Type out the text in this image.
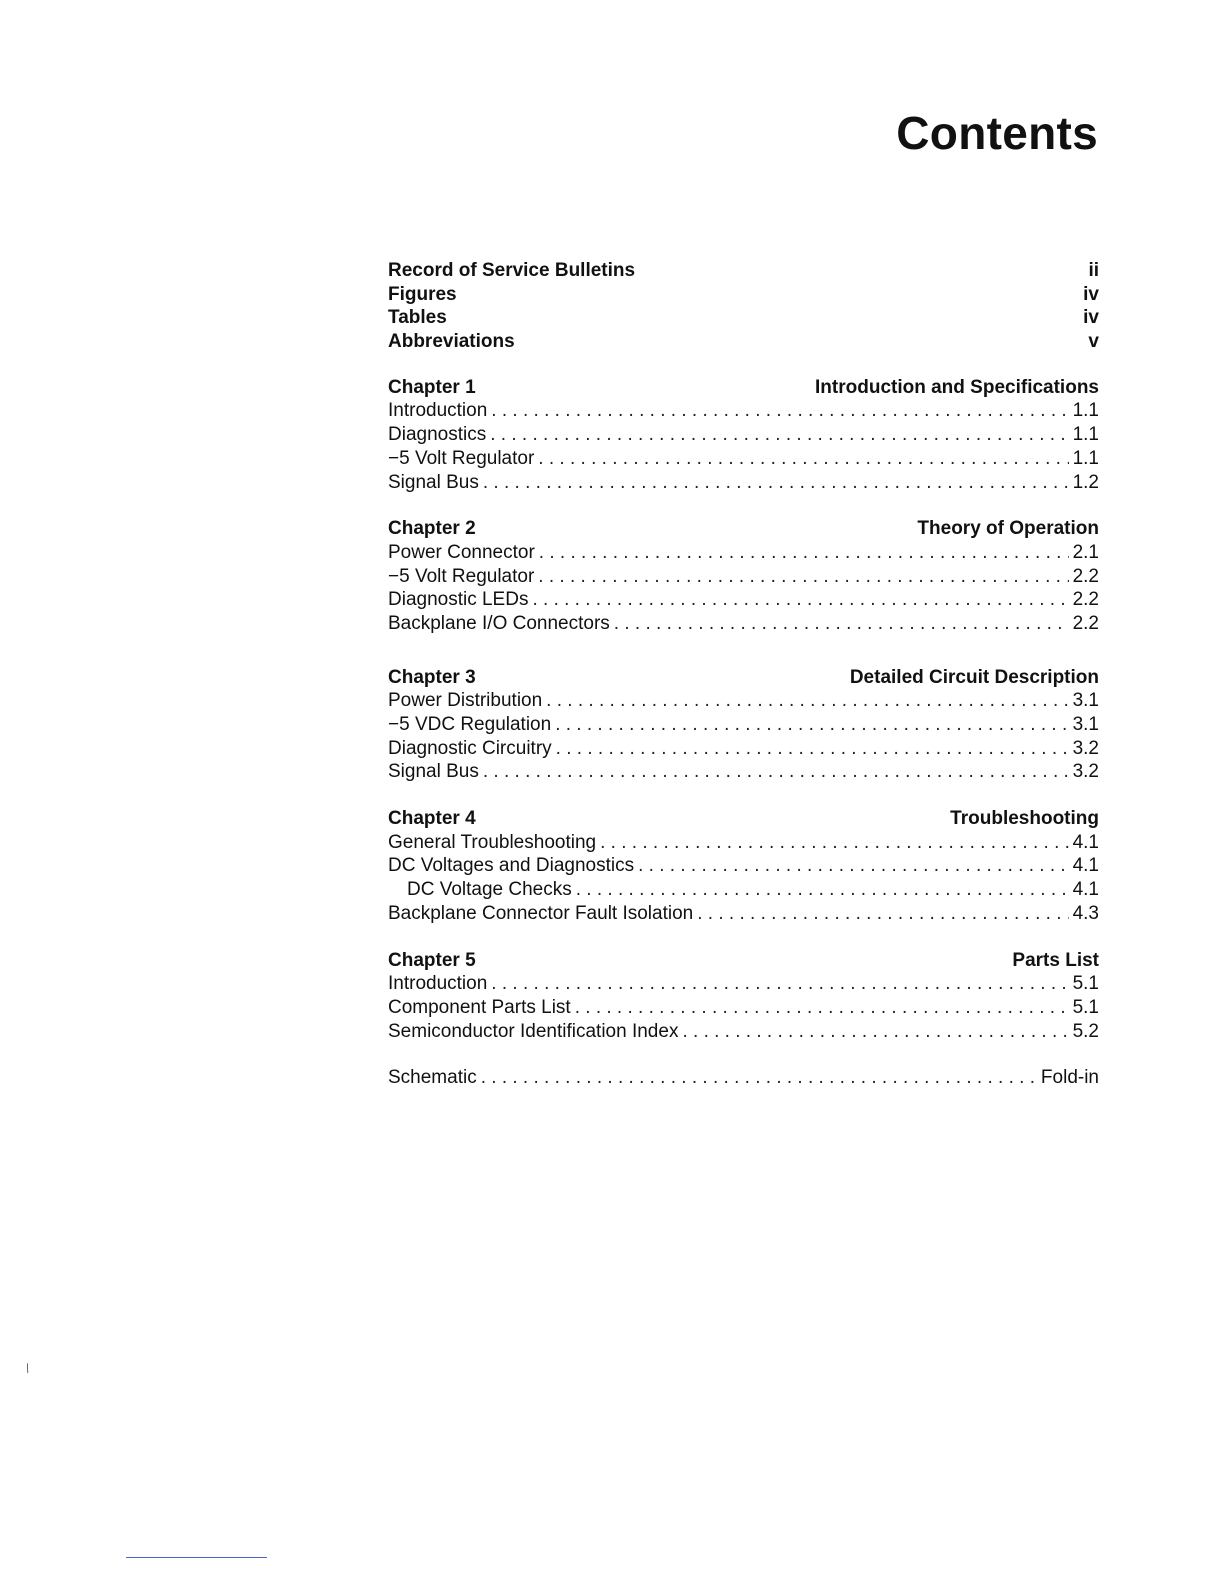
Contents
Record of Service Bulletins	ii
Figures	iv
Tables	iv
Abbreviations	v
Chapter 1	Introduction and Specifications
Introduction . . .	1.1
Diagnostics . . .	1.1
−5 Volt Regulator . . .	1.1
Signal Bus . . .	1.2
Chapter 2	Theory of Operation
Power Connector . . .	2.1
−5 Volt Regulator . . .	2.2
Diagnostic LEDs . . .	2.2
Backplane I/O Connectors . . .	2.2
Chapter 3	Detailed Circuit Description
Power Distribution . . .	3.1
−5 VDC Regulation . . .	3.1
Diagnostic Circuitry . . .	3.2
Signal Bus . . .	3.2
Chapter 4	Troubleshooting
General Troubleshooting . . .	4.1
DC Voltages and Diagnostics . . .	4.1
DC Voltage Checks . . .	4.1
Backplane Connector Fault Isolation . . .	4.3
Chapter 5	Parts List
Introduction . . .	5.1
Component Parts List . . .	5.1
Semiconductor Identification Index . . .	5.2
Schematic . . .	Fold-in
∕
